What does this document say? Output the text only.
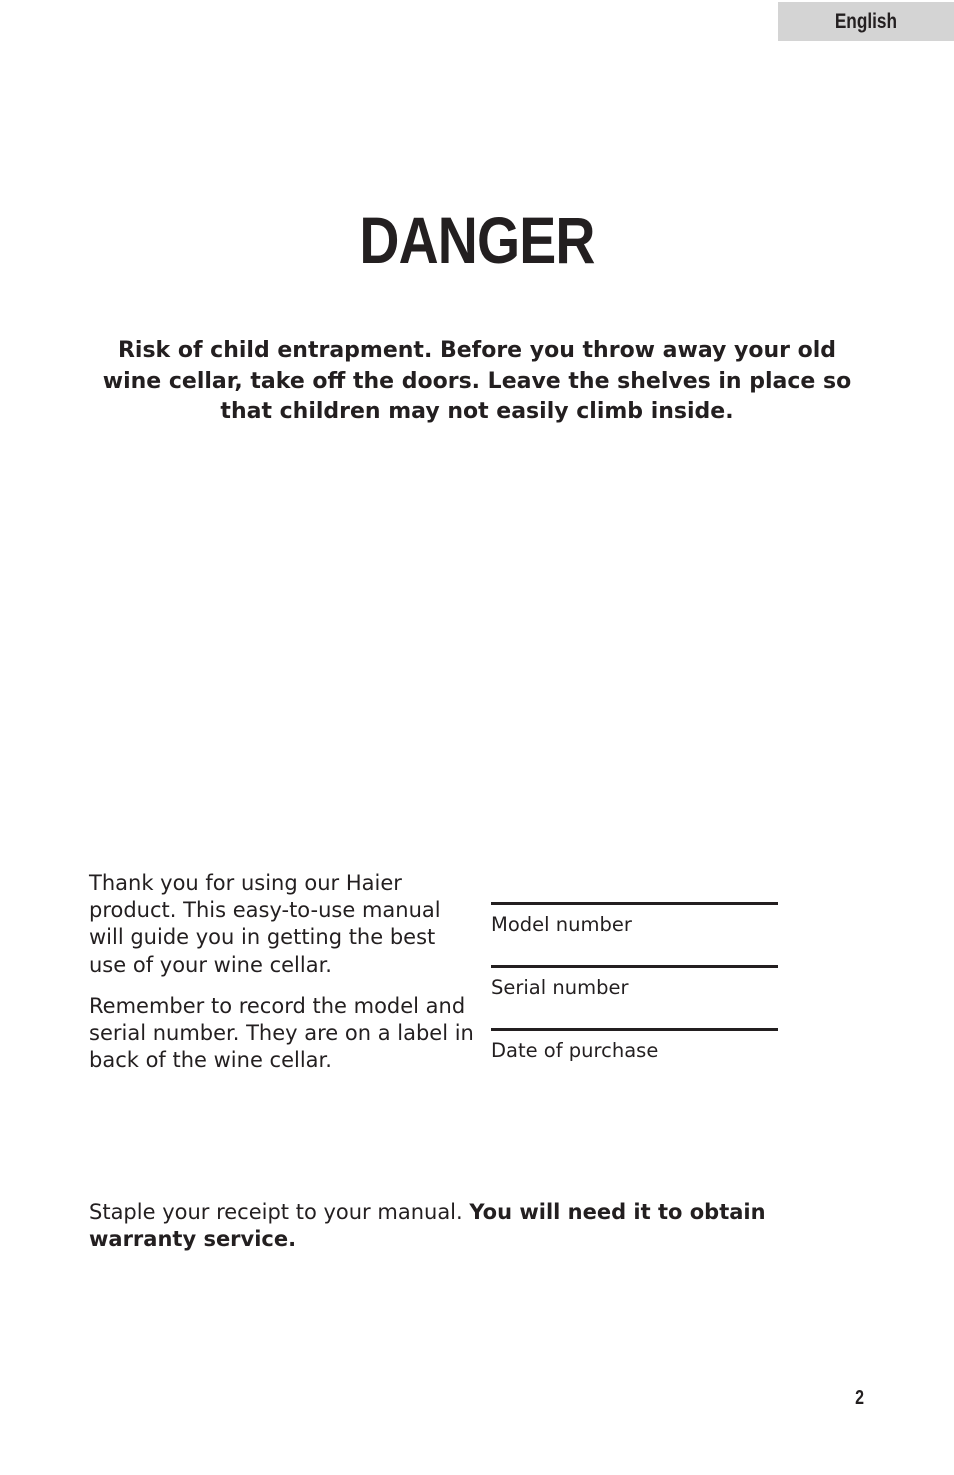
English
DANGER
Risk of child entrapment. Before you throw away your old wine cellar, take off the doors. Leave the shelves in place so that children may not easily climb inside.

Thank you for using our Haier product. This easy-to-use manual will guide you in getting the best use of your wine cellar.

Remember to record the model and serial number. They are on a label in back of the wine cellar.

Model number
Serial number
Date of purchase
Staple your receipt to your manual. You will need it to obtain warranty service.
2
